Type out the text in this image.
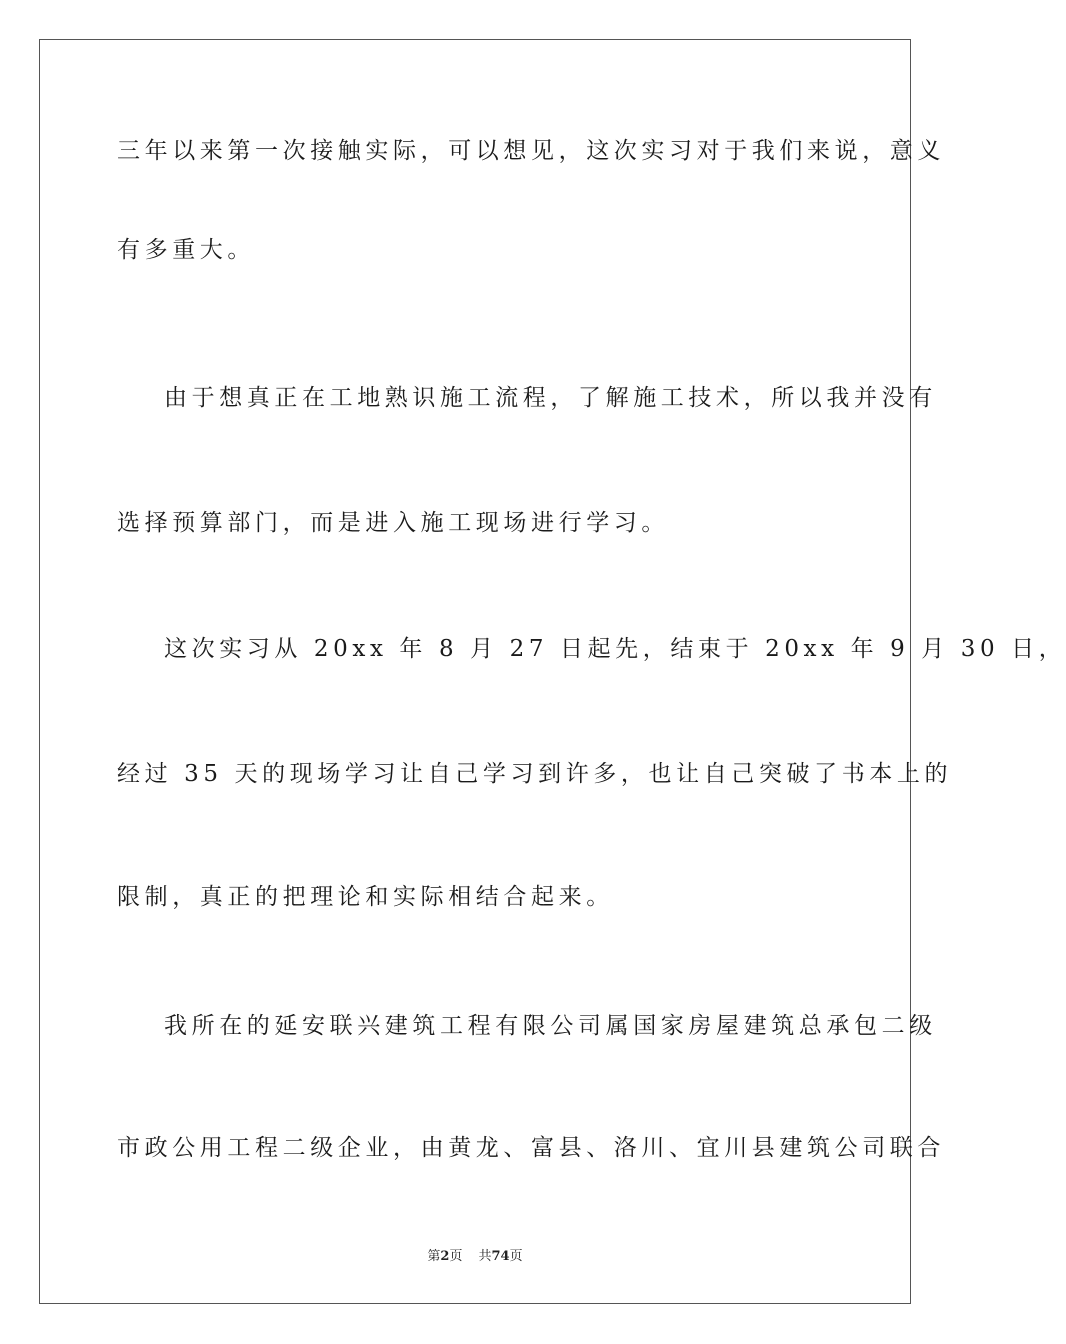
三年以来第一次接触实际，可以想见，这次实习对于我们来说，意义
有多重大。
由于想真正在工地熟识施工流程，了解施工技术，所以我并没有
选择预算部门，而是进入施工现场进行学习。
这次实习从 20xx 年 8 月 27 日起先，结束于 20xx 年 9 月 30 日，
经过 35 天的现场学习让自己学习到许多，也让自己突破了书本上的
限制，真正的把理论和实际相结合起来。
我所在的延安联兴建筑工程有限公司属国家房屋建筑总承包二级
市政公用工程二级企业，由黄龙、富县、洛川、宜川县建筑公司联合
第2页 共74页
